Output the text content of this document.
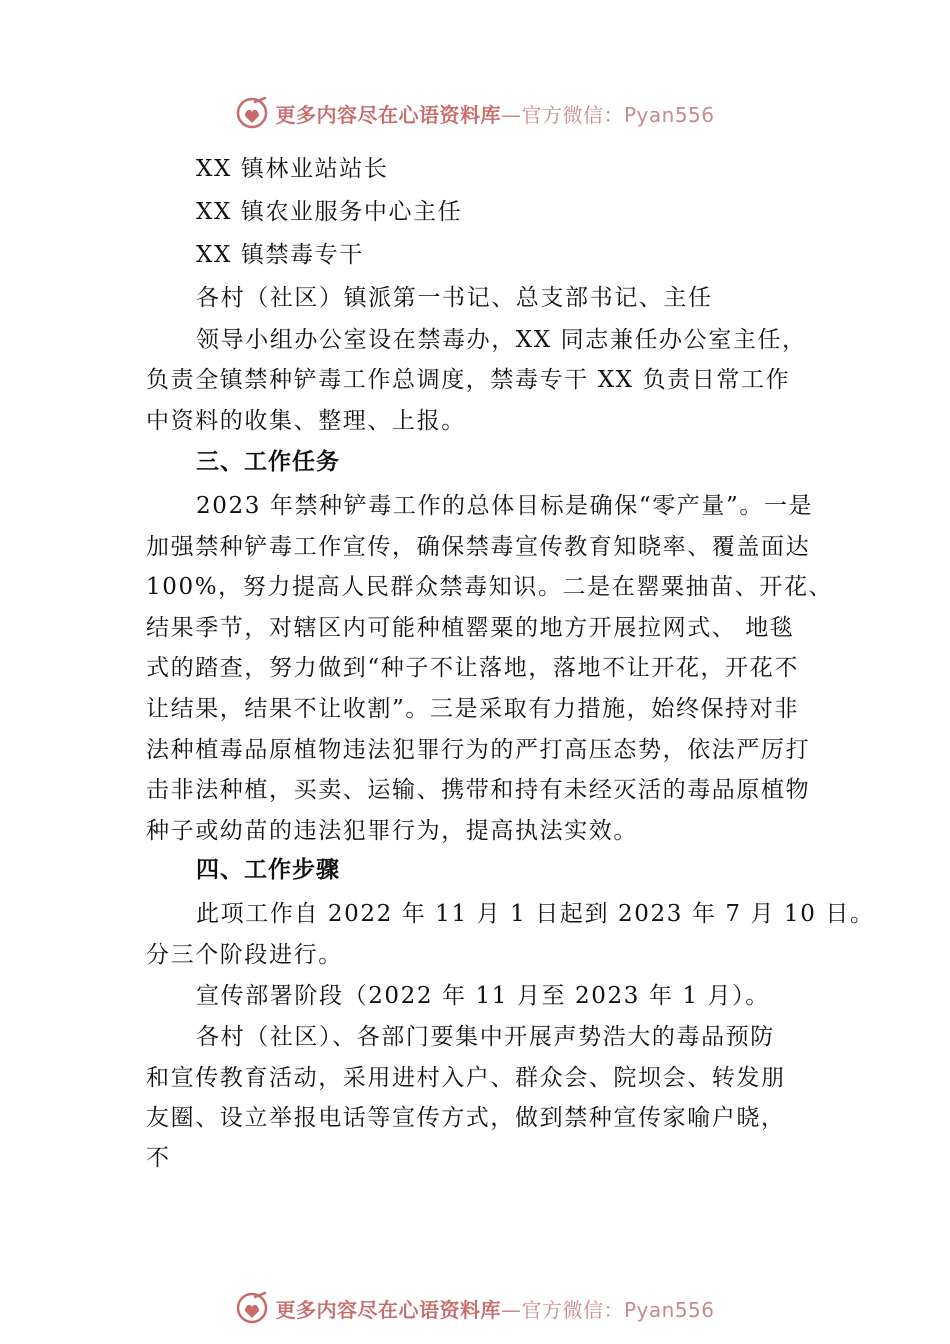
更多内容尽在心语资料库—官方微信：Pyan556
XX 镇林业站站长
XX 镇农业服务中心主任
XX 镇禁毒专干
各村（社区）镇派第一书记、总支部书记、主任
领导小组办公室设在禁毒办，XX 同志兼任办公室主任，
负责全镇禁种铲毒工作总调度，禁毒专干 XX 负责日常工作
中资料的收集、整理、上报。
三、工作任务
2023 年禁种铲毒工作的总体目标是确保“零产量”。一是
加强禁种铲毒工作宣传，确保禁毒宣传教育知晓率、覆盖面达
100%，努力提高人民群众禁毒知识。二是在罂粟抽苗、开花、
结果季节，对辖区内可能种植罂粟的地方开展拉网式、 地毯
式的踏查，努力做到“种子不让落地，落地不让开花，开花不
让结果，结果不让收割”。三是采取有力措施，始终保持对非
法种植毒品原植物违法犯罪行为的严打高压态势，依法严厉打
击非法种植，买卖、运输、携带和持有未经灭活的毒品原植物
种子或幼苗的违法犯罪行为，提高执法实效。
四、工作步骤
此项工作自 2022 年 11 月 1 日起到 2023 年 7 月 10 日。
分三个阶段进行。
宣传部署阶段（2022 年 11 月至 2023 年 1 月）。
各村（社区）、各部门要集中开展声势浩大的毒品预防
和宣传教育活动，采用进村入户、群众会、院坝会、转发朋
友圈、设立举报电话等宣传方式，做到禁种宣传家喻户晓，
不
更多内容尽在心语资料库—官方微信：Pyan556
